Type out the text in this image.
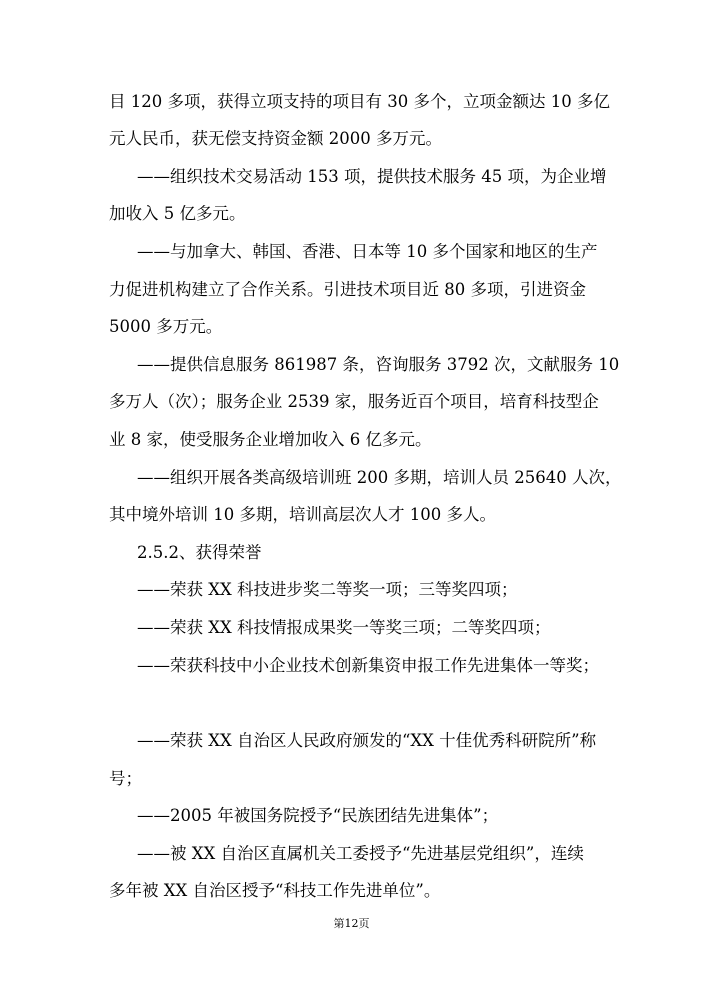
目 120 多项，获得立项支持的项目有 30 多个，立项金额达 10 多亿
元人民币，获无偿支持资金额 2000 多万元。
——组织技术交易活动 153 项，提供技术服务 45 项，为企业增
加收入 5 亿多元。
——与加拿大、韩国、香港、日本等 10 多个国家和地区的生产
力促进机构建立了合作关系。引进技术项目近 80 多项，引进资金
5000 多万元。
——提供信息服务 861987 条，咨询服务 3792 次，文献服务 10
多万人（次）；服务企业 2539 家，服务近百个项目，培育科技型企
业 8 家，使受服务企业增加收入 6 亿多元。
——组织开展各类高级培训班 200 多期，培训人员 25640 人次，
其中境外培训 10 多期，培训高层次人才 100 多人。
2.5.2、获得荣誉
——荣获 XX 科技进步奖二等奖一项；三等奖四项；
——荣获 XX 科技情报成果奖一等奖三项；二等奖四项；
——荣获科技中小企业技术创新集资申报工作先进集体一等奖；
——荣获 XX 自治区人民政府颁发的“XX 十佳优秀科研院所”称
号；
——2005 年被国务院授予“民族团结先进集体”；
——被 XX 自治区直属机关工委授予“先进基层党组织”，连续
多年被 XX 自治区授予“科技工作先进单位”。
第12页
